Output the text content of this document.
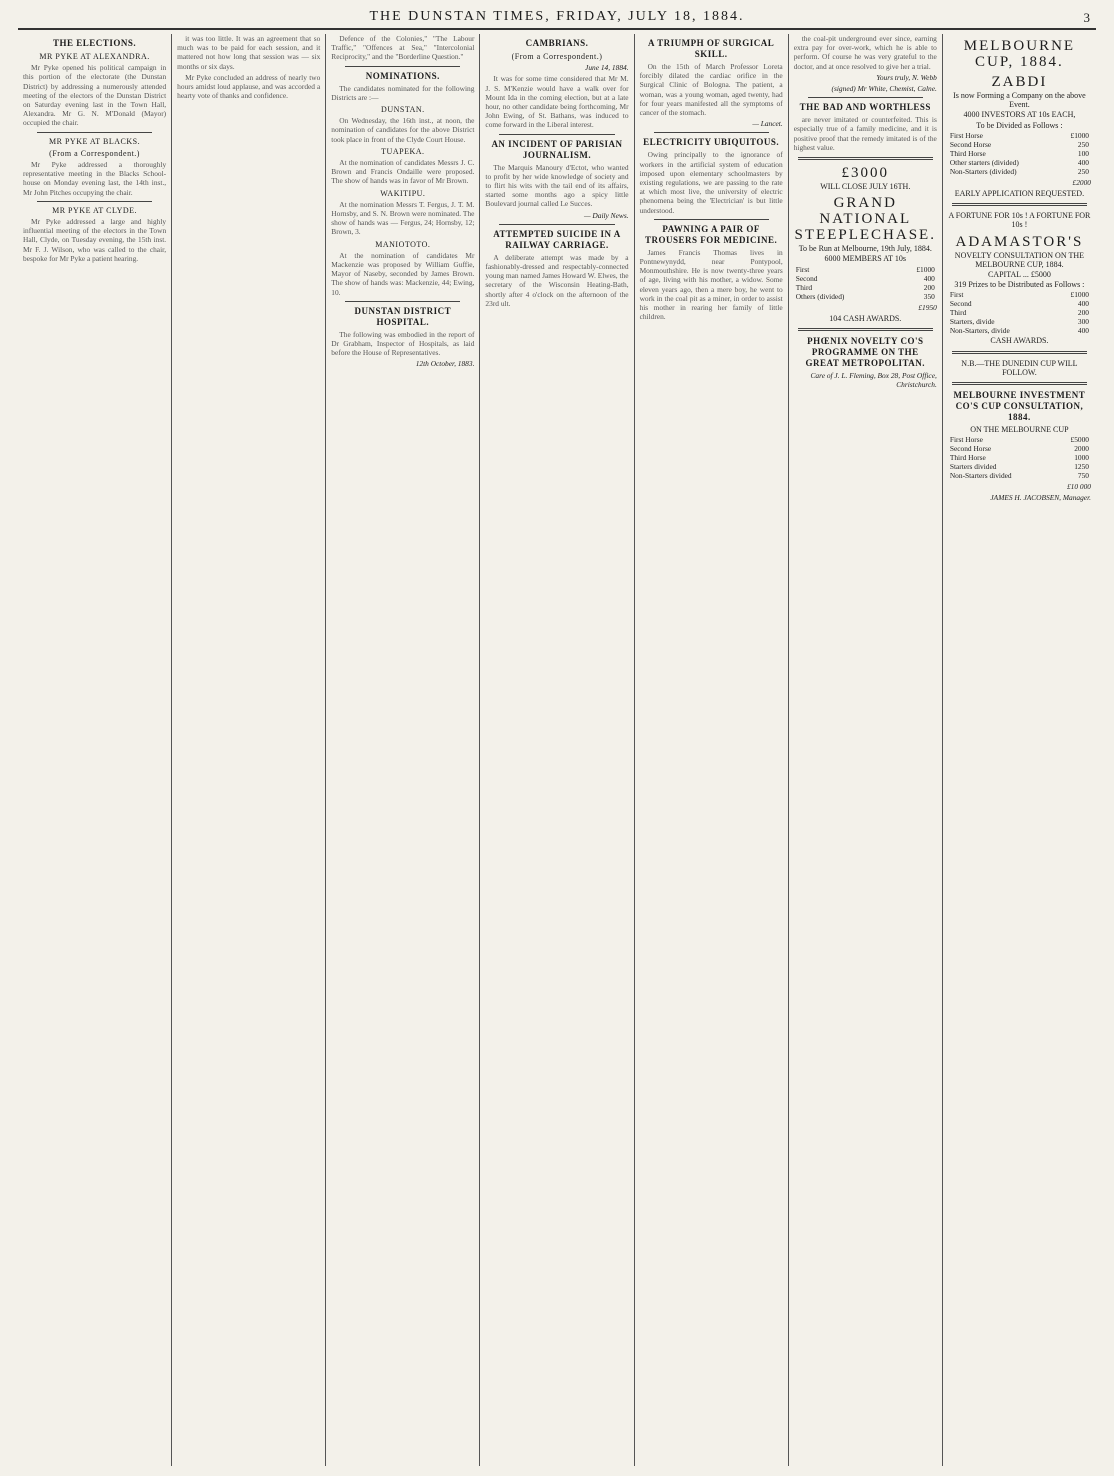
THE DUNSTAN TIMES, FRIDAY, JULY 18, 1884.	3
THE ELECTIONS.
MR PYKE AT ALEXANDRA.

Mr Pyke opened his political campaign in this portion of the electorate (the Dunstan District) by addressing a numerously attended meeting of the electors of the Dunstan District on Saturday evening last in the Town Hall, Alexandra. Mr G. N. M'Donald (Mayor) occupied the chair.

MR PYKE AT BLACKS.
(From a Correspondent.)

Mr Pyke addressed a thoroughly representative meeting in the Blacks School-house on Monday evening last, the 14th inst., Mr John Pitches occupying the chair.

MR PYKE AT CLYDE.

Mr Pyke addressed a large and highly influential meeting of the electors in the Town Hall, Clyde, on Tuesday evening, the 15th inst. Mr F. J. Wilson, who was called to the chair, bespoke for Mr Pyke a patient hearing.

it was too little. It was an agreement that so much was to be paid for each session, and it mattered not how long that session was — six months or six days.

Mr Pyke concluded an address of nearly two hours amidst loud applause, and was accorded a hearty vote of thanks and confidence.

Defence of the Colonies," "The Labour Traffic," "Offences at Sea," "Intercolonial Reciprocity," and the "Borderline Question."

NOMINATIONS.

The candidates nominated for the following Districts are :—

DUNSTAN.

On Wednesday, the 16th inst., at noon, the nomination of candidates for the above District took place in front of the Clyde Court House.

TUAPEKA.

At the nomination of candidates Messrs J. C. Brown and Francis Ondaille were proposed. The show of hands was in favor of Mr Brown.

WAKITIPU.

At the nomination Messrs T. Fergus, J. T. M. Hornsby, and S. N. Brown were nominated. The show of hands was — Fergus, 24; Hornsby, 12; Brown, 3.

MANIOTOTO.

At the nomination of candidates Mr Mackenzie was proposed by William Guffie, Mayor of Naseby, seconded by James Brown. The show of hands was: Mackenzie, 44; Ewing, 10.

DUNSTAN DISTRICT HOSPITAL.

The following was embodied in the report of Dr Grabham, Inspector of Hospitals, as laid before the House of Representatives.

12th October, 1883.

CAMBRIANS.
(From a Correspondent.)

June 14, 1884.

It was for some time considered that Mr M. J. S. M'Kenzie would have a walk over for Mount Ida in the coming election, but at a late hour, no other candidate being forthcoming, Mr John Ewing, of St. Bathans, was induced to come forward in the Liberal interest.

AN INCIDENT OF PARISIAN JOURNALISM.

The Marquis Manoury d'Ectot, who wanted to profit by her wide knowledge of society and to flirt his wits with the tail end of its affairs, started some months ago a spicy little Boulevard journal called Le Succes.

— Daily News.

ATTEMPTED SUICIDE IN A RAILWAY CARRIAGE.

A deliberate attempt was made by a fashionably-dressed and respectably-connected young man named James Howard W. Elwes, the secretary of the Wisconsin Heating-Bath, shortly after 4 o'clock on the afternoon of the 23rd ult.

A TRIUMPH OF SURGICAL SKILL.

On the 15th of March Professor Loreta forcibly dilated the cardiac orifice in the Surgical Clinic of Bologna. The patient, a woman, was a young woman, aged twenty, had for four years manifested all the symptoms of cancer of the stomach.

— Lancet.

ELECTRICITY UBIQUITOUS.

Owing principally to the ignorance of workers in the artificial system of education imposed upon elementary schoolmasters by existing regulations, we are passing to the rate at which most live, the university of electric phenomena being the 'Electrician' is but little understood.

PAWNING A PAIR OF TROUSERS FOR MEDICINE.

James Francis Thomas lives in Pontnewynydd, near Pontypool, Monmouthshire. He is now twenty-three years of age, living with his mother, a widow. Some eleven years ago, then a mere boy, he went to work in the coal pit as a miner, in order to assist his mother in rearing her family of little children.

the coal-pit underground ever since, earning extra pay for over-work, which he is able to perform. Of course he was very grateful to the doctor, and at once resolved to give her a trial.

Yours truly, N. Webb

(signed) Mr White, Chemist, Calne.

THE BAD AND WORTHLESS

are never imitated or counterfeited. This is especially true of a family medicine, and it is positive proof that the remedy imitated is of the highest value.

£3000
WILL CLOSE JULY 16TH.
GRAND NATIONAL STEEPLECHASE.
To be Run at Melbourne, 19th July, 1884.
6000 MEMBERS AT 10s
First	£1000
Second	400
Third	200
Others (divided)	350
£1950
104 CASH AWARDS.
PHŒNIX NOVELTY CO'S PROGRAMME ON THE GREAT METROPOLITAN.

Care of J. L. Fleming, Box 28, Post Office, Christchurch.

MELBOURNE CUP, 1884.
ZABDI
Is now Forming a Company on the above Event.
4000 INVESTORS AT 10s EACH,
To be Divided as Follows :
First Horse	£1000
Second Horse	250
Third Horse	100
Other starters (divided)	400
Non-Starters (divided)	250
£2000
EARLY APPLICATION REQUESTED.
A FORTUNE FOR 10s ! A FORTUNE FOR 10s !
ADAMASTOR'S
NOVELTY CONSULTATION ON THE MELBOURNE CUP, 1884.
CAPITAL ... £5000
319 Prizes to be Distributed as Follows :
First	£1000
Second	400
Third	200
Starters, divide	300
Non-Starters, divide	400
CASH AWARDS.
N.B.—THE DUNEDIN CUP WILL FOLLOW.
MELBOURNE INVESTMENT CO'S CUP CONSULTATION, 1884.
ON THE MELBOURNE CUP
First Horse	£5000
Second Horse	2000
Third Horse	1000
Starters divided	1250
Non-Starters divided	750
£10 000

JAMES H. JACOBSEN, Manager.
